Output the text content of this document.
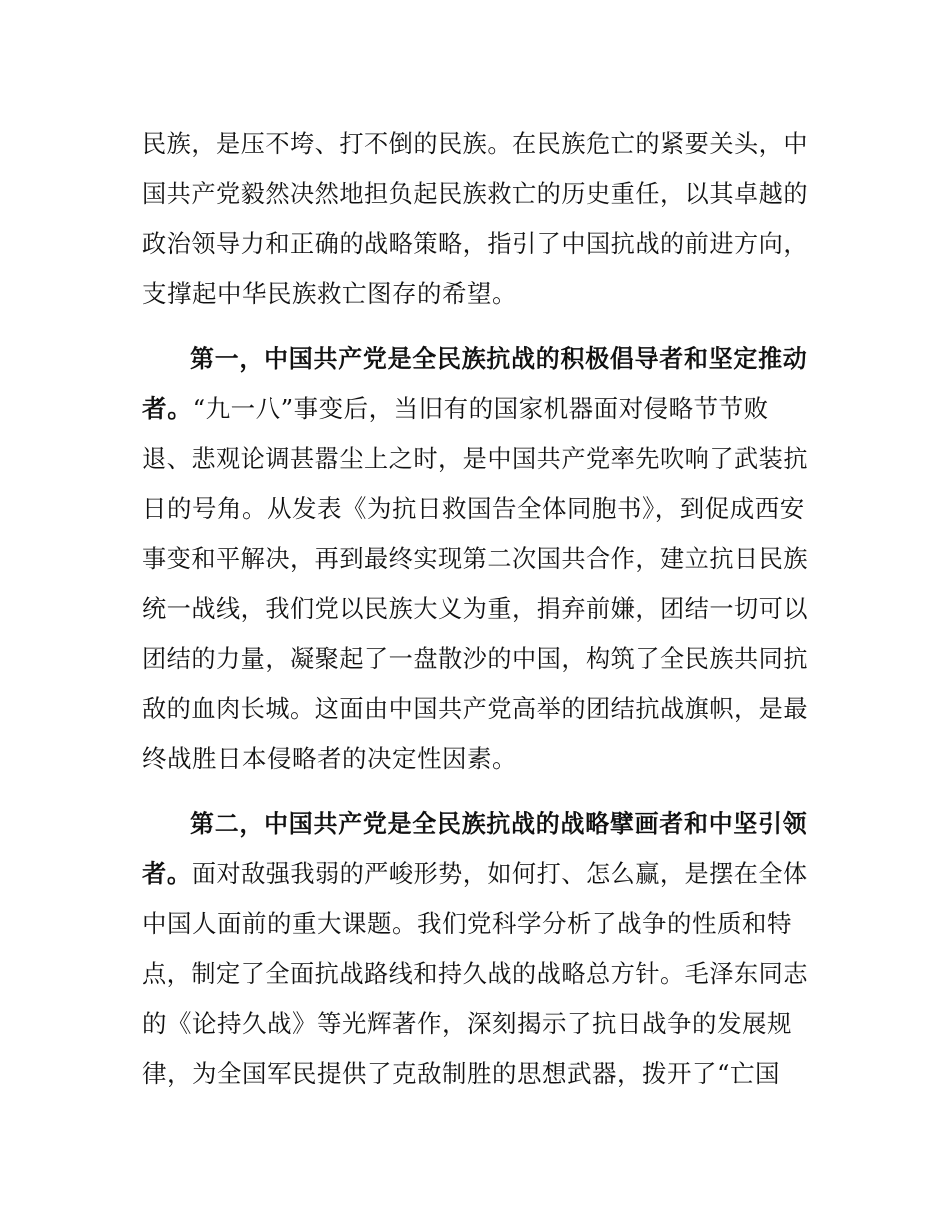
民族，是压不垮、打不倒的民族。在民族危亡的紧要关头，中
国共产党毅然决然地担负起民族救亡的历史重任，以其卓越的
政治领导力和正确的战略策略，指引了中国抗战的前进方向，
支撑起中华民族救亡图存的希望。
第一，中国共产党是全民族抗战的积极倡导者和坚定推动
者。“九一八”事变后，当旧有的国家机器面对侵略节节败
退、悲观论调甚嚣尘上之时，是中国共产党率先吹响了武装抗
日的号角。从发表《为抗日救国告全体同胞书》，到促成西安
事变和平解决，再到最终实现第二次国共合作，建立抗日民族
统一战线，我们党以民族大义为重，捐弃前嫌，团结一切可以
团结的力量，凝聚起了一盘散沙的中国，构筑了全民族共同抗
敌的血肉长城。这面由中国共产党高举的团结抗战旗帜，是最
终战胜日本侵略者的决定性因素。
第二，中国共产党是全民族抗战的战略擘画者和中坚引领
者。面对敌强我弱的严峻形势，如何打、怎么赢，是摆在全体
中国人面前的重大课题。我们党科学分析了战争的性质和特
点，制定了全面抗战路线和持久战的战略总方针。毛泽东同志
的《论持久战》等光辉著作，深刻揭示了抗日战争的发展规
律，为全国军民提供了克敌制胜的思想武器，拨开了“亡国
